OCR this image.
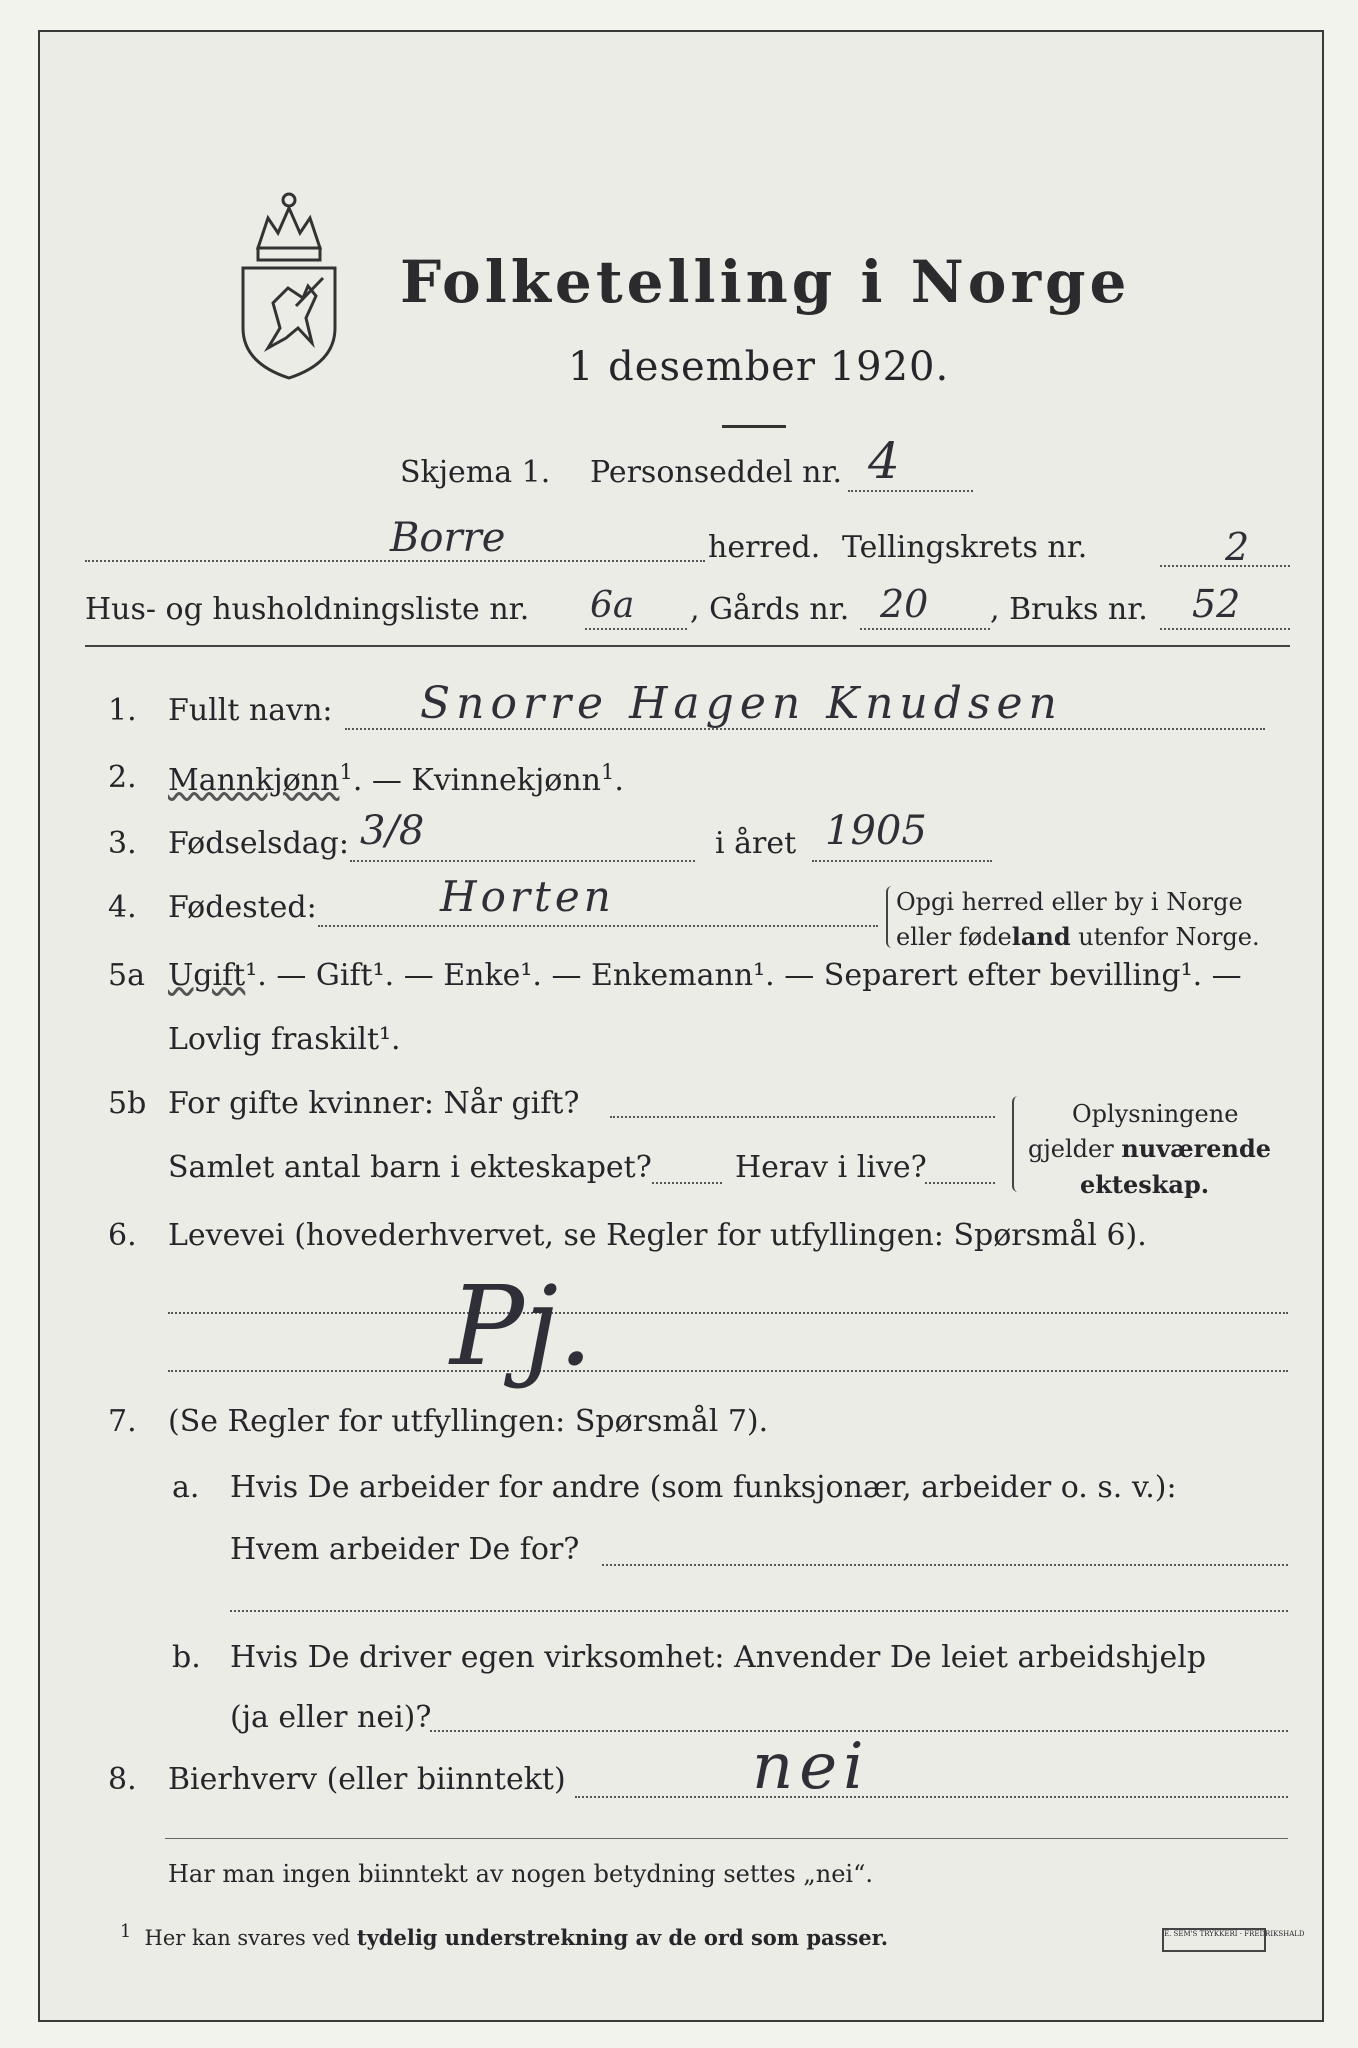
Folketelling i Norge
1 desember 1920.
Skjema 1. Personseddel nr. 4
Borre	herred. Tellingskrets nr.	2
Hus- og husholdningsliste nr. 6a , Gårds nr. 20 , Bruks nr. 52
1. Fullt navn: Snorre Hagen Knudsen
2. Mannkjønn$^1$. — Kvinnekjønn$^1$.
3. Fødselsdag: 3/8	i året 1905
4. Fødested:	Horten	Opgi herred eller by i Norge
eller fødeland utenfor Norge.
5a Ugift¹. — Gift¹. — Enke¹. — Enkemann¹. — Separert efter bevilling¹. —
Lovlig fraskilt¹.
5b For gifte kvinner: Når gift?
Samlet antal barn i ekteskapet?	Herav i live?
Oplysningene
gjelder nuværende
ekteskap.
6. Levevei (hovederhvervet, se Regler for utfyllingen: Spørsmål 6).
Pj.
7. (Se Regler for utfyllingen: Spørsmål 7).
a. Hvis De arbeider for andre (som funksjonær, arbeider o. s. v.):
Hvem arbeider De for?
b. Hvis De driver egen virksomhet: Anvender De leiet arbeidshjelp
(ja eller nei)?
8. Bierhverv (eller biinntekt)	nei
Har man ingen biinntekt av nogen betydning settes „nei“.
$^1$ Her kan svares ved tydelig understrekning av de ord som passer.	E. SEM'S TRYKKERI · FREDRIKSHALD
